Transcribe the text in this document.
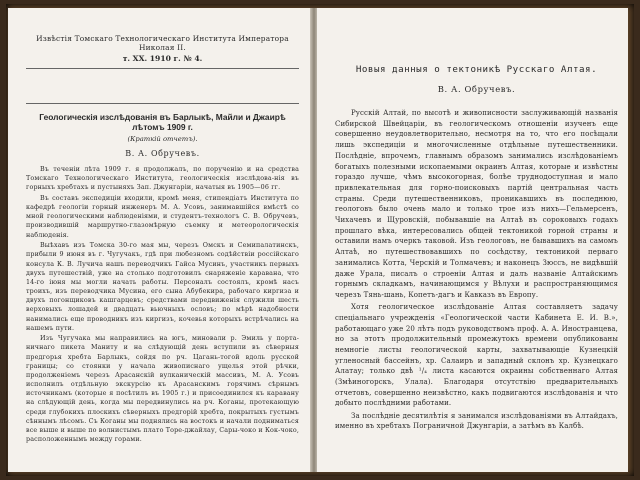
Извѣстія Томскаго Технологическаго Института Императора Николая II.

т. XX. 1910 г. № 4.

Геологическія изслѣдованія въ Барлыкѣ, Майли и Джаирѣ лѣтомъ 1909 г.

(Краткій отчетъ).

В. А. Обручевъ.

Въ теченіи лѣта 1909 г. я продолжалъ, по порученію и на средства Томскаго Технологическаго Института, геологическія изслѣдова-нія въ горныхъ хребтахъ и пустыняхъ Зап. Джунгаріи, начатыя въ 1905—06 гг.

Въ составъ экспедиціи входили, кромѣ меня, стипендіатъ Института по кафедрѣ геологіи горный инженеръ М. А. Усовъ, занимавшійся вмѣстѣ со мной геологическими наблюденіями, и студентъ-технологъ С. В. Обручевъ, производившій маршрутно-глазомѣрную съемку и метеорологическія наблюденія.

Выѣхавъ изъ Томска 30-го мая мы, черезъ Омскъ и Семипалатинскъ, прибыли 9 июня въ г. Чугучакъ, гдѣ при любезномъ содѣйствіи россійскаго консула К. В. Лучича нашъ переводчикъ Гайса Мусинъ, участникъ первыхъ двухъ путешествій, уже на столько подготовилъ снаряженіе каравана, что 14-го іюня мы могли начать работы. Персоналъ состоялъ, кромѣ насъ троихъ, изъ переводчика Мусина, его сына Абубекира, рабочаго киргиза и двухъ погонщиковъ кашгарцевъ; средствами передвиженія служили шесть верховыхъ лошадей и двадцать вьючныхъ ословъ; по мѣрѣ надобности нанимались еще проводникъ изъ киргизъ, кочевья которыхъ встрѣчались на нашемъ пути.

Изъ Чугучака мы направились на югъ, миновали р. Эмиль у порта-ничнаго пикета Маниту и на слѣдующій день вступили въ сѣверныя предгорья хребта Барлыкъ, сойдя по рч. Цагань-тогой вдоль русской границы; со стоянки у начала живописнаго ущелья этой рѣчки, продолженіемъ черезъ Арасанскій вулканическій массивъ, М. А. Усовъ исполнилъ отдѣльную экскурсію къ Арасанскимъ горячимъ сѣрнымъ источникамъ (которые я посѣтилъ въ 1905 г.) и присоединился къ каравану на слѣдующій день, когда мы передвинулись на рч. Коганы, протекающую среди глубокихъ плоскихъ сѣверныхъ предгорій хребта, покрытыхъ густымъ сѣннымъ лѣсомъ. Съ Коганы мы поднялись на востокъ и начали подниматься все выше и выше по волнистымъ плато Торе-джайлау, Сары-чоко и Кок-чоко, расположеннымъ между горами.

Новыя данныя о тектоникѣ Русскаго Алтая.

В. А. Обручевъ.

Русскій Алтай, по высотѣ и живописности заслуживающій названія Сибирской Швейцаріи, въ геологическомъ отношеніи изученъ еще совершенно неудовлетворительно, несмотря на то, что его посѣщали лишь экспедиціи и многочисленные отдѣльные путешественники. Послѣдніе, впрочемъ, главнымъ образомъ занимались изслѣдованіемъ богатыхъ полезными ископаемыми окраинъ Алтая, которые и извѣстны гораздо лучше, чѣмъ высокогорная, болѣе труднодоступная и мало привлекательная для горно-поисковыхъ партій центральная часть страны. Среди путешественниковъ, проникавшихъ въ последнюю, геологовъ было очень мало и только трое изъ нихъ—Гельмерсенъ, Чихачевъ и Щуровскій, побывавшіе на Алтаѣ въ сороковыхъ годахъ прошлаго вѣка, интересовались общей тектоникой горной страны и оставили намъ очеркъ таковой. Изъ геологовъ, не бывавшихъ на самомъ Алтаѣ, но путешествовавшихъ по сосѣдству, тектоникой перваго занимались Котта, Черскій и Толмачевъ; и наконецъ Зюссъ, не видѣвшій даже Урала, писалъ о строеніи Алтая и далъ названіе Алтайскимъ горнымъ складкамъ, начинающимся у Вѣлухи и распространяющимся черезъ Тянь-шань, Копетъ-дагъ и Кавказъ въ Европу.

Хотя геологическое изслѣдованіе Алтая составляетъ задачу спеціальнаго учрежденія «Геологической части Кабинета Е. И. В.», работающаго уже 20 лѣтъ подъ руководствомъ проф. А. А. Иностранцева, но за этотъ продолжительный промежутокъ времени опубликованы немногіе листы геологической карты, захватывающіе Кузнецкій угленосный бассейнъ, хр. Салаиръ и западный склонъ хр. Кузнецкаго Алатау; только двѣ ¹/₄ листа касаются окраины собственнаго Алтая (Змѣиногорскъ, Улала). Благодаря отсутствію предварительныхъ отчетовъ, совершенно неизвѣстно, какъ подвигаются изслѣдованія и что добыто послѣдними работами.

За послѣдніе десятилѣтія я занимался изслѣдованіями въ Алтайдахъ, именно въ хребтахъ Пограничной Джунгаріи, а затѣмъ въ Калбѣ.
